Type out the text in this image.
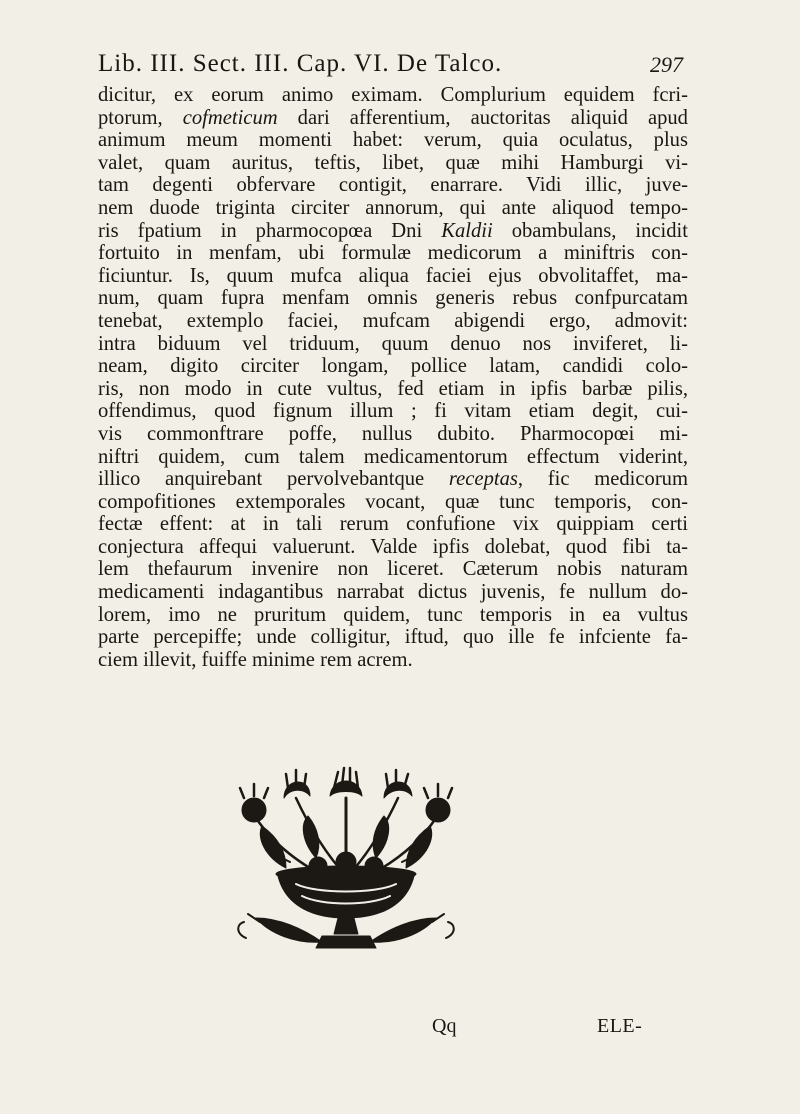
Lib. III. Sect. III. Cap. VI. De Talco.	297
dicitur, ex eorum animo eximam. Complurium equidem fcri-
ptorum, cofmeticum dari afferentium, auctoritas aliquid apud
animum meum momenti habet: verum, quia oculatus, plus
valet, quam auritus, teftis, libet, quæ mihi Hamburgi vi-
tam degenti obfervare contigit, enarrare. Vidi illic, juve-
nem duode triginta circiter annorum, qui ante aliquod tempo-
ris fpatium in pharmocopœa Dni Kaldii obambulans, incidit
fortuito in menfam, ubi formulæ medicorum a miniftris con-
ficiuntur. Is, quum mufca aliqua faciei ejus obvolitaffet, ma-
num, quam fupra menfam omnis generis rebus confpurcatam
tenebat, extemplo faciei, mufcam abigendi ergo, admovit:
intra biduum vel triduum, quum denuo nos inviferet, li-
neam, digito circiter longam, pollice latam, candidi colo-
ris, non modo in cute vultus, fed etiam in ipfis barbæ pilis,
offendimus, quod fignum illum ; fi vitam etiam degit, cui-
vis commonftrare poffe, nullus dubito. Pharmocopœi mi-
niftri quidem, cum talem medicamentorum effectum viderint,
illico anquirebant pervolvebantque receptas, fic medicorum
compofitiones extemporales vocant, quæ tunc temporis, con-
fectæ effent: at in tali rerum confufione vix quippiam certi
conjectura affequi valuerunt. Valde ipfis dolebat, quod fibi ta-
lem thefaurum invenire non liceret. Cæterum nobis naturam
medicamenti indagantibus narrabat dictus juvenis, fe nullum do-
lorem, imo ne pruritum quidem, tunc temporis in ea vultus
parte percepiffe; unde colligitur, iftud, quo ille fe infciente fa-
ciem illevit, fuiffe minime rem acrem.
Qq	ELE-
